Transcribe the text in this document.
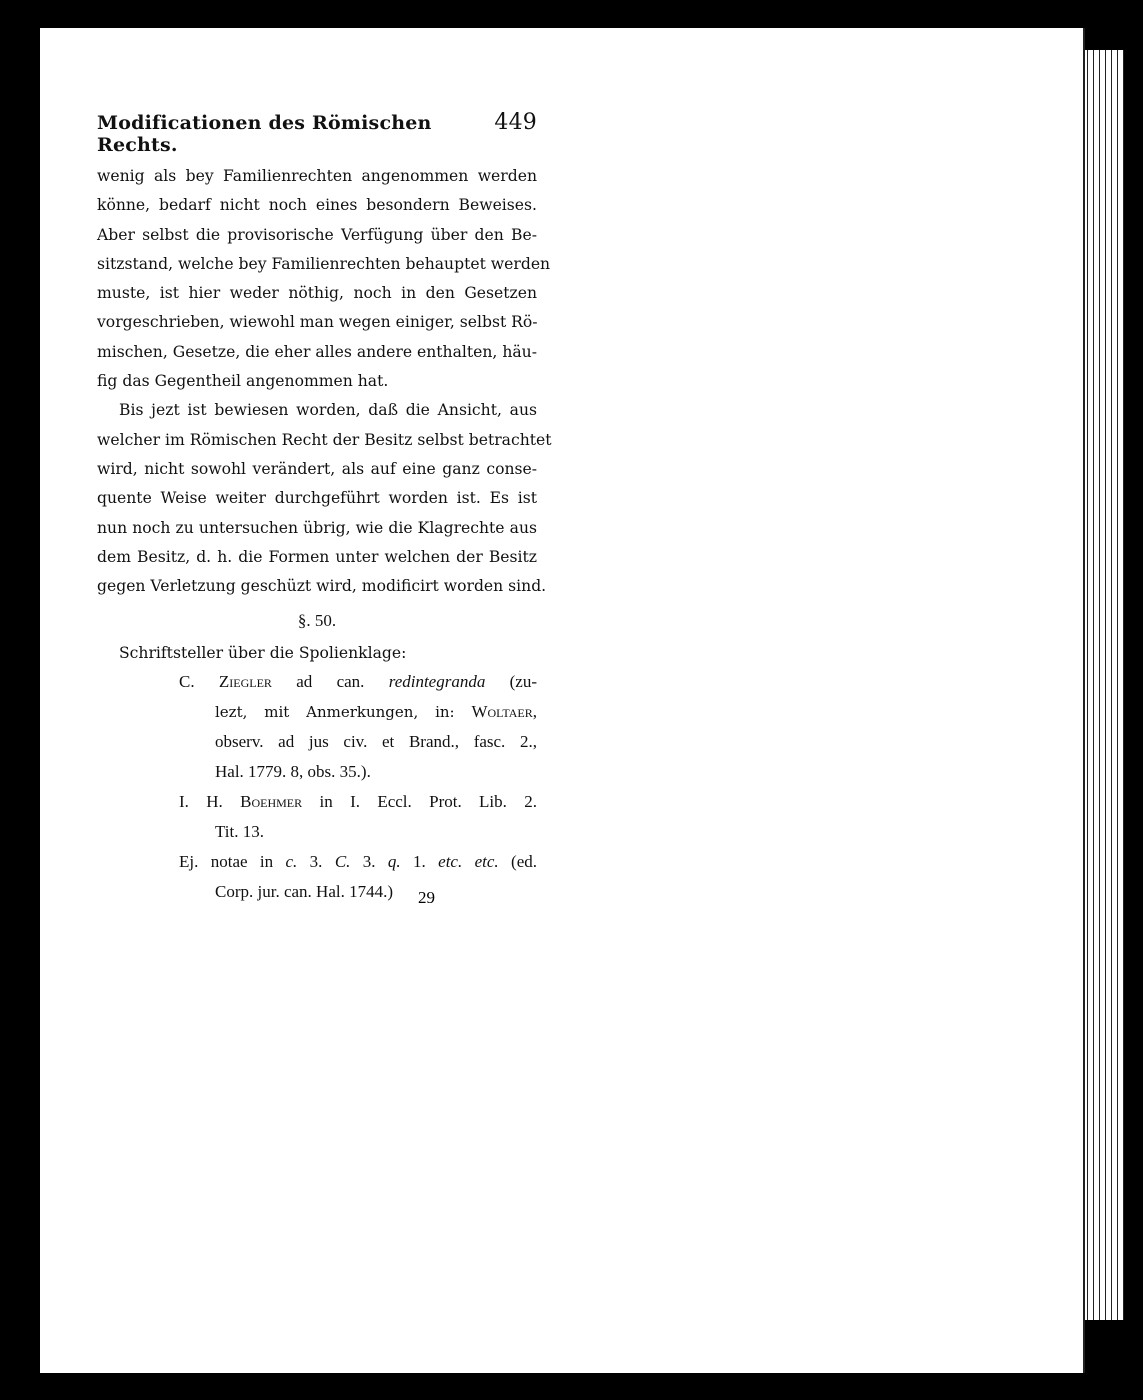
Modificationen des Römischen Rechts.
449
wenig als bey Familienrechten angenommen werden
könne, bedarf nicht noch eines besondern Beweises.
Aber selbst die provisorische Verfügung über den Be-
sitzstand, welche bey Familienrechten behauptet werden
muste, ist hier weder nöthig, noch in den Gesetzen
vorgeschrieben, wiewohl man wegen einiger, selbst Rö-
mischen, Gesetze, die eher alles andere enthalten, häu-
fig das Gegentheil angenommen hat.
Bis jezt ist bewiesen worden, daß die Ansicht, aus
welcher im Römischen Recht der Besitz selbst betrachtet
wird, nicht sowohl verändert, als auf eine ganz conse-
quente Weise weiter durchgeführt worden ist. Es ist
nun noch zu untersuchen übrig, wie die Klagrechte aus
dem Besitz, d. h. die Formen unter welchen der Besitz
gegen Verletzung geschüzt wird, modificirt worden sind.
§. 50.
Schriftsteller über die Spolienklage:
C. Ziegler ad can. redintegranda (zu-
lezt, mit Anmerkungen, in: Woltaer,
observ. ad jus civ. et Brand., fasc. 2.,
Hal. 1779. 8, obs. 35.).
I. H. Boehmer in I. Eccl. Prot. Lib. 2.
Tit. 13.
Ej. notae in c. 3. C. 3. q. 1. etc. etc. (ed.
Corp. jur. can. Hal. 1744.)	29
